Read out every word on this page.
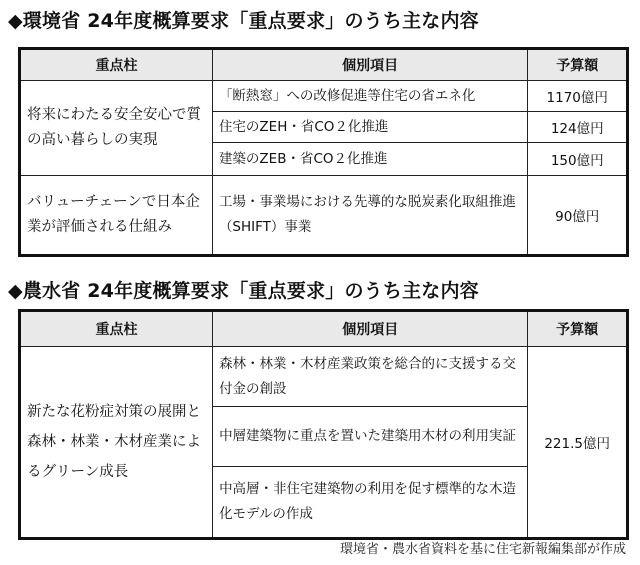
◆環境省 24年度概算要求「重点要求」のうち主な内容
重点柱	個別項目	予算額
将来にわたる安全安心で質の高い暮らしの実現	「断熱窓」への改修促進等住宅の省エネ化	1170億円
	住宅のZEH・省CO２化推進	124億円
	建築のZEB・省CO２化推進	150億円
バリューチェーンで日本企業が評価される仕組み	工場・事業場における先導的な脱炭素化取組推進（SHIFT）事業	90億円
◆農水省 24年度概算要求「重点要求」のうち主な内容
重点柱	個別項目	予算額
新たな花粉症対策の展開と森林・林業・木材産業によるグリーン成長	森林・林業・木材産業政策を総合的に支援する交付金の創設	221.5億円
	中層建築物に重点を置いた建築用木材の利用実証	
	中高層・非住宅建築物の利用を促す標準的な木造化モデルの作成	
環境省・農水省資料を基に住宅新報編集部が作成
